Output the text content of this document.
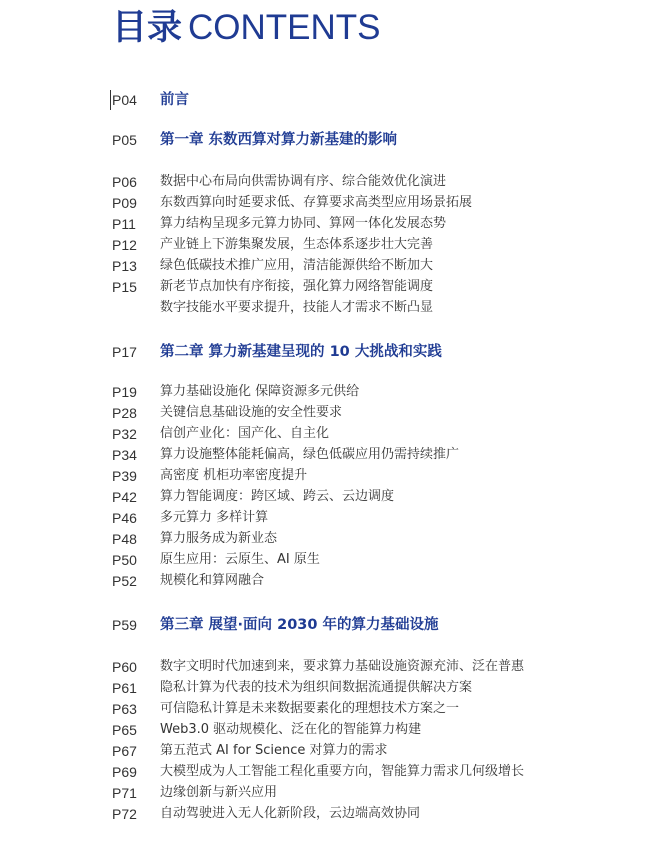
目录 CONTENTS
P04	前言
P05	第一章 东数西算对算力新基建的影响
P06	数据中心布局向供需协调有序、综合能效优化演进
P09	东数西算向时延要求低、存算要求高类型应用场景拓展
P11	算力结构呈现多元算力协同、算网一体化发展态势
P12	产业链上下游集聚发展，生态体系逐步壮大完善
P13	绿色低碳技术推广应用，清洁能源供给不断加大
P15	新老节点加快有序衔接，强化算力网络智能调度
数字技能水平要求提升，技能人才需求不断凸显
P17	第二章 算力新基建呈现的 10 大挑战和实践
P19	算力基础设施化 保障资源多元供给
P28	关键信息基础设施的安全性要求
P32	信创产业化：国产化、自主化
P34	算力设施整体能耗偏高，绿色低碳应用仍需持续推广
P39	高密度 机柜功率密度提升
P42	算力智能调度：跨区域、跨云、云边调度
P46	多元算力 多样计算
P48	算力服务成为新业态
P50	原生应用：云原生、AI 原生
P52	规模化和算网融合
P59	第三章 展望·面向 2030 年的算力基础设施
P60	数字文明时代加速到来，要求算力基础设施资源充沛、泛在普惠
P61	隐私计算为代表的技术为组织间数据流通提供解决方案
P63	可信隐私计算是未来数据要素化的理想技术方案之一
P65	Web3.0 驱动规模化、泛在化的智能算力构建
P67	第五范式 AI for Science 对算力的需求
P69	大模型成为人工智能工程化重要方向，智能算力需求几何级增长
P71	边缘创新与新兴应用
P72	自动驾驶进入无人化新阶段，云边端高效协同
